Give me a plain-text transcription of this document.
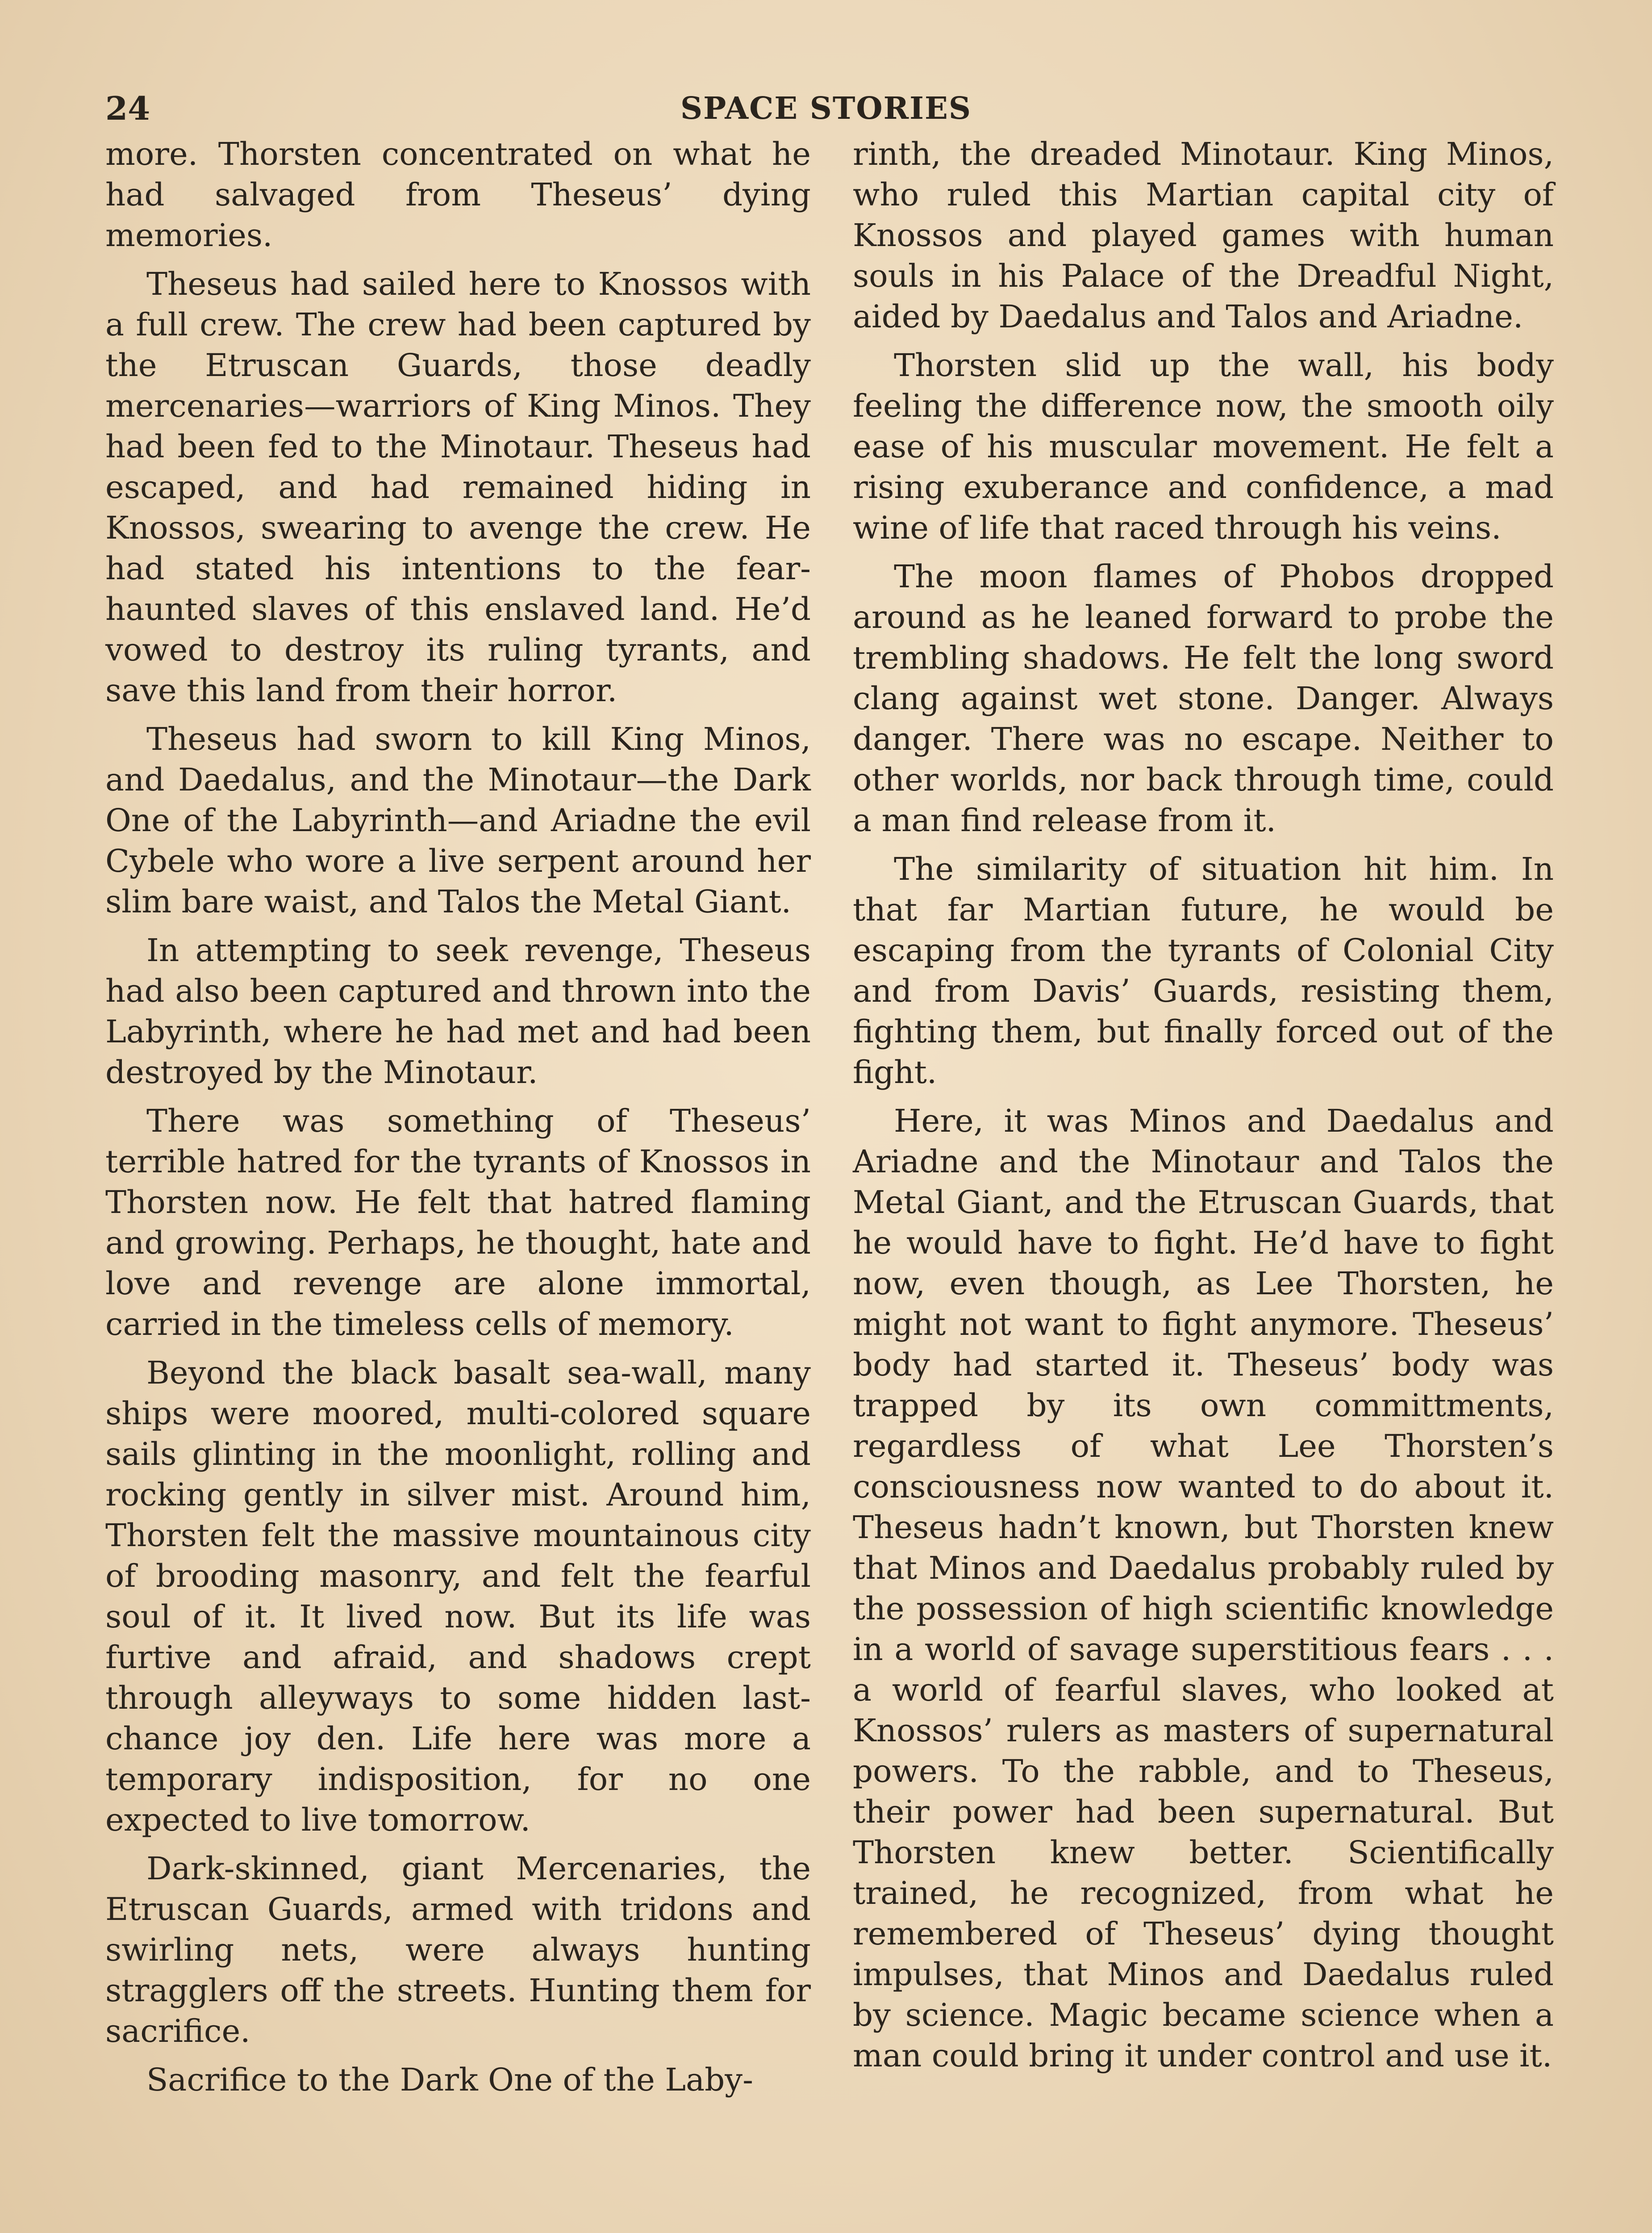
24	SPACE STORIES

more. Thorsten concentrated on what he had salvaged from Theseus’ dying memories.

Theseus had sailed here to Knossos with a full crew. The crew had been captured by the Etruscan Guards, those deadly mercenaries—warriors of King Minos. They had been fed to the Minotaur. Theseus had escaped, and had remained hiding in Knossos, swearing to avenge the crew. He had stated his intentions to the fear-haunted slaves of this enslaved land. He’d vowed to destroy its ruling tyrants, and save this land from their horror.

Theseus had sworn to kill King Minos, and Daedalus, and the Minotaur—the Dark One of the Labyrinth—and Ariadne the evil Cybele who wore a live serpent around her slim bare waist, and Talos the Metal Giant.

In attempting to seek revenge, Theseus had also been captured and thrown into the Labyrinth, where he had met and had been destroyed by the Minotaur.

There was something of Theseus’ terrible hatred for the tyrants of Knossos in Thorsten now. He felt that hatred flaming and growing. Perhaps, he thought, hate and love and revenge are alone immortal, carried in the timeless cells of memory.

Beyond the black basalt sea-wall, many ships were moored, multi-colored square sails glinting in the moonlight, rolling and rocking gently in silver mist. Around him, Thorsten felt the massive mountainous city of brooding masonry, and felt the fearful soul of it. It lived now. But its life was furtive and afraid, and shadows crept through alleyways to some hidden last-chance joy den. Life here was more a temporary indisposition, for no one expected to live tomorrow.

Dark-skinned, giant Mercenaries, the Etruscan Guards, armed with tridons and swirling nets, were always hunting stragglers off the streets. Hunting them for sacrifice.

Sacrifice to the Dark One of the Laby-

rinth, the dreaded Minotaur. King Minos, who ruled this Martian capital city of Knossos and played games with human souls in his Palace of the Dreadful Night, aided by Daedalus and Talos and Ariadne.

Thorsten slid up the wall, his body feeling the difference now, the smooth oily ease of his muscular movement. He felt a rising exuberance and confidence, a mad wine of life that raced through his veins.

The moon flames of Phobos dropped around as he leaned forward to probe the trembling shadows. He felt the long sword clang against wet stone. Danger. Always danger. There was no escape. Neither to other worlds, nor back through time, could a man find release from it.

The similarity of situation hit him. In that far Martian future, he would be escaping from the tyrants of Colonial City and from Davis’ Guards, resisting them, fighting them, but finally forced out of the fight.

Here, it was Minos and Daedalus and Ariadne and the Minotaur and Talos the Metal Giant, and the Etruscan Guards, that he would have to fight. He’d have to fight now, even though, as Lee Thorsten, he might not want to fight anymore. Theseus’ body had started it. Theseus’ body was trapped by its own committments, regardless of what Lee Thorsten’s consciousness now wanted to do about it. Theseus hadn’t known, but Thorsten knew that Minos and Daedalus probably ruled by the possession of high scientific knowledge in a world of savage superstitious fears . . . a world of fearful slaves, who looked at Knossos’ rulers as masters of supernatural powers. To the rabble, and to Theseus, their power had been supernatural. But Thorsten knew better. Scientifically trained, he recognized, from what he remembered of Theseus’ dying thought impulses, that Minos and Daedalus ruled by science. Magic became science when a man could bring it under control and use it.
